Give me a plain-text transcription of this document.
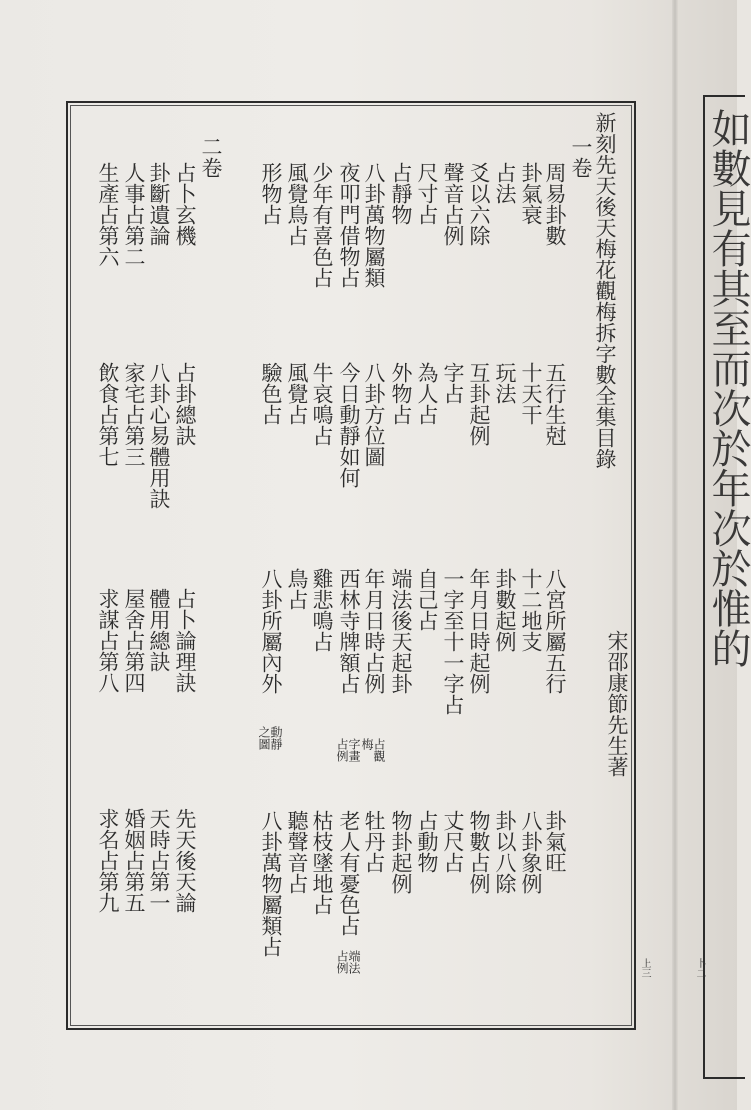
如數見有其至而次於年次於惟的
新刻先天後天梅花觀梅拆字數全集目錄
宋邵康節先生著
一卷
二卷
上三	卜二
周易卦數
五行生尅
八宮所屬五行
卦氣旺
卦氣衰
十天干
十二地支
八卦象例
占法
玩法
卦數起例
卦以八除
爻以六除
互卦起例
年月日時起例
物數占例
聲音占例
字占
一字至十一字占
丈尺占
尺寸占
為人占
自己占
占動物
占靜物
外物占
端法後天起卦
物卦起例
八卦萬物屬類
八卦方位圖
年月日時占例
牡丹占
夜叩門借物占
今日動靜如何
西林寺牌額占
老人有憂色占
少年有喜色占
牛哀鳴占
雞悲鳴占
枯枝墜地占
風覺鳥占
風覺占
鳥占
聽聲音占
形物占
驗色占
八卦所屬內外
八卦萬物屬類占
占觀
梅
字畫
占例
端法
占例
動靜
之圖
占卜玄機
占卦總訣
占卜論理訣
先天後天論
卦斷遺論
八卦心易體用訣
體用總訣
天時占第一
人事占第二
家宅占第三
屋舍占第四
婚姻占第五
生產占第六
飲食占第七
求謀占第八
求名占第九
